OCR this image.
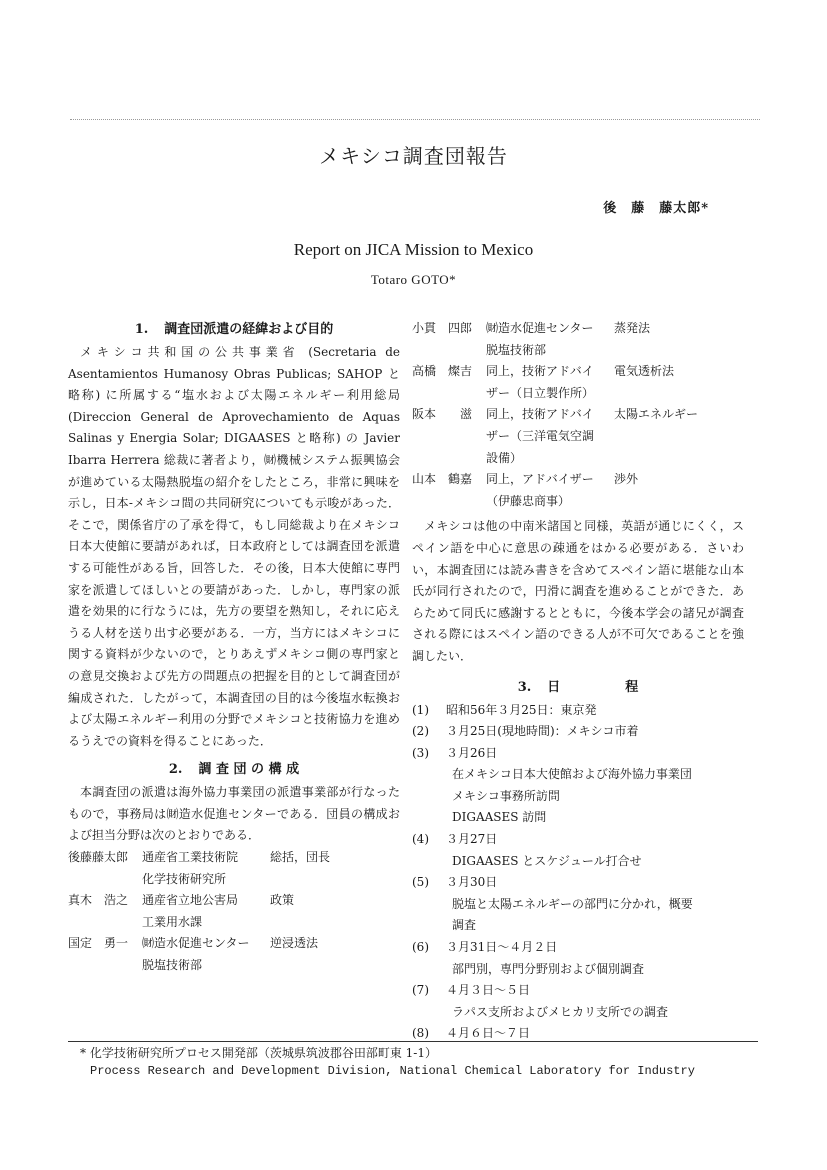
メキシコ調査団報告
後　藤　藤太郎*
Report on JICA Mission to Mexico
Totaro GOTO*
1. 調査団派遣の経緯および目的

メキシコ共和国の公共事業省 (Secretaria de Asentamientos Humanosy Obras Publicas; SAHOP と略称) に所属する“塩水および太陽エネルギー利用総局 (Direccion General de Aprovechamiento de Aquas Salinas y Energia Solar; DIGAASES と略称) の Javier Ibarra Herrera 総裁に著者より，㈶機械システム振興協会が進めている太陽熱脱塩の紹介をしたところ，非常に興味を示し，日本-メキシコ間の共同研究についても示唆があった．そこで，関係省庁の了承を得て，もし同総裁より在メキシコ日本大使館に要請があれば，日本政府としては調査団を派遣する可能性がある旨，回答した．その後，日本大使館に専門家を派遣してほしいとの要請があった．しかし，専門家の派遣を効果的に行なうには，先方の要望を熟知し，それに応えうる人材を送り出す必要がある．一方，当方にはメキシコに関する資料が少ないので，とりあえずメキシコ側の専門家との意見交換および先方の問題点の把握を目的として調査団が編成された．したがって，本調査団の目的は今後塩水転換および太陽エネルギー利用の分野でメキシコと技術協力を進めるうえでの資料を得ることにあった．

2. 調 査 団 の 構 成

本調査団の派遣は海外協力事業団の派遣事業部が行なったもので，事務局は㈶造水促進センターである．団員の構成および担当分野は次のとおりである．

後藤藤太郎	通産省工業技術院	総括，団長
化学技術研究所
真木　浩之	通産省立地公害局	政策
工業用水課
国定　勇一	㈶造水促進センター	逆浸透法
脱塩技術部
小貫　四郎	㈶造水促進センター	蒸発法
脱塩技術部
高橋　燦吉	同上，技術アドバイ	電気透析法
ザー（日立製作所）
阪本　　滋	同上，技術アドバイ	太陽エネルギー
ザー（三洋電気空調
設備）
山本　鶴嘉	同上，アドバイザー	渉外
（伊藤忠商事）

メキシコは他の中南米諸国と同様，英語が通じにくく，スペイン語を中心に意思の疎通をはかる必要がある．さいわい，本調査団には読み書きを含めてスペイン語に堪能な山本氏が同行されたので，円滑に調査を進めることができた．あらためて同氏に感謝するとともに，今後本学会の諸兄が調査される際にはスペイン語のできる人が不可欠であることを強調したい．

3. 日　　　　　程
(1)	昭和56年３月25日：東京発
(2)	３月25日(現地時間)：メキシコ市着
(3)	３月26日
在メキシコ日本大使館および海外協力事業団
メキシコ事務所訪問
DIGAASES 訪問
(4)	３月27日
DIGAASES とスケジュール打合せ
(5)	３月30日
脱塩と太陽エネルギーの部門に分かれ，概要
調査
(6)	３月31日～４月２日
部門別，専門分野別および個別調査
(7)	４月３日～５日
ラパス支所およびメヒカリ支所での調査
(8)	４月６日～７日
* 化学技術研究所プロセス開発部（茨城県筑波郡谷田部町東 1-1）
Process Research and Development Division, National Chemical Laboratory for Industry
